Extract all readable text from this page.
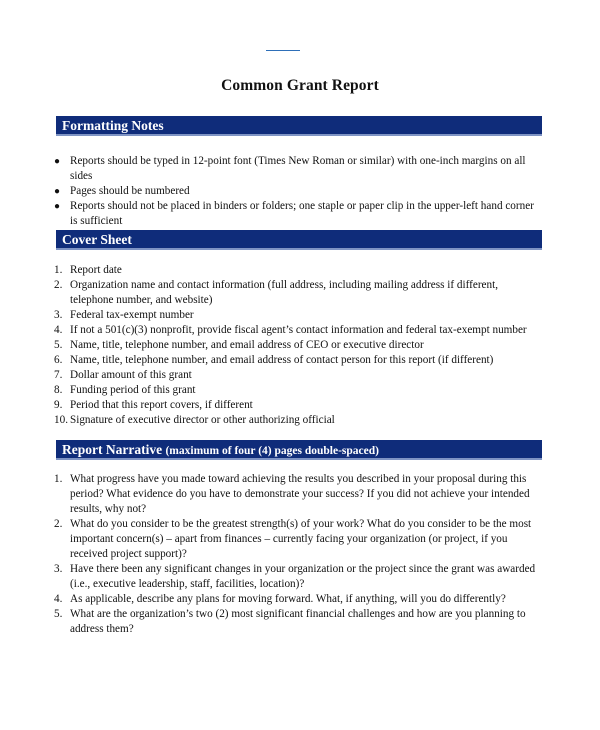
Common Grant Report
Formatting Notes
● Reports should be typed in 12-point font (Times New Roman or similar) with one-inch margins on all sides
● Pages should be numbered
● Reports should not be placed in binders or folders; one staple or paper clip in the upper-left hand corner is sufficient
Cover Sheet
1. Report date
2. Organization name and contact information (full address, including mailing address if different, telephone number, and website)
3. Federal tax-exempt number
4. If not a 501(c)(3) nonprofit, provide fiscal agent’s contact information and federal tax-exempt number
5. Name, title, telephone number, and email address of CEO or executive director
6. Name, title, telephone number, and email address of contact person for this report (if different)
7. Dollar amount of this grant
8. Funding period of this grant
9. Period that this report covers, if different
10. Signature of executive director or other authorizing official
Report Narrative (maximum of four (4) pages double-spaced)
1. What progress have you made toward achieving the results you described in your proposal during this period? What evidence do you have to demonstrate your success? If you did not achieve your intended results, why not?
2. What do you consider to be the greatest strength(s) of your work? What do you consider to be the most important concern(s) – apart from finances – currently facing your organization (or project, if you received project support)?
3. Have there been any significant changes in your organization or the project since the grant was awarded (i.e., executive leadership, staff, facilities, location)?
4. As applicable, describe any plans for moving forward. What, if anything, will you do differently?
5. What are the organization’s two (2) most significant financial challenges and how are you planning to address them?
